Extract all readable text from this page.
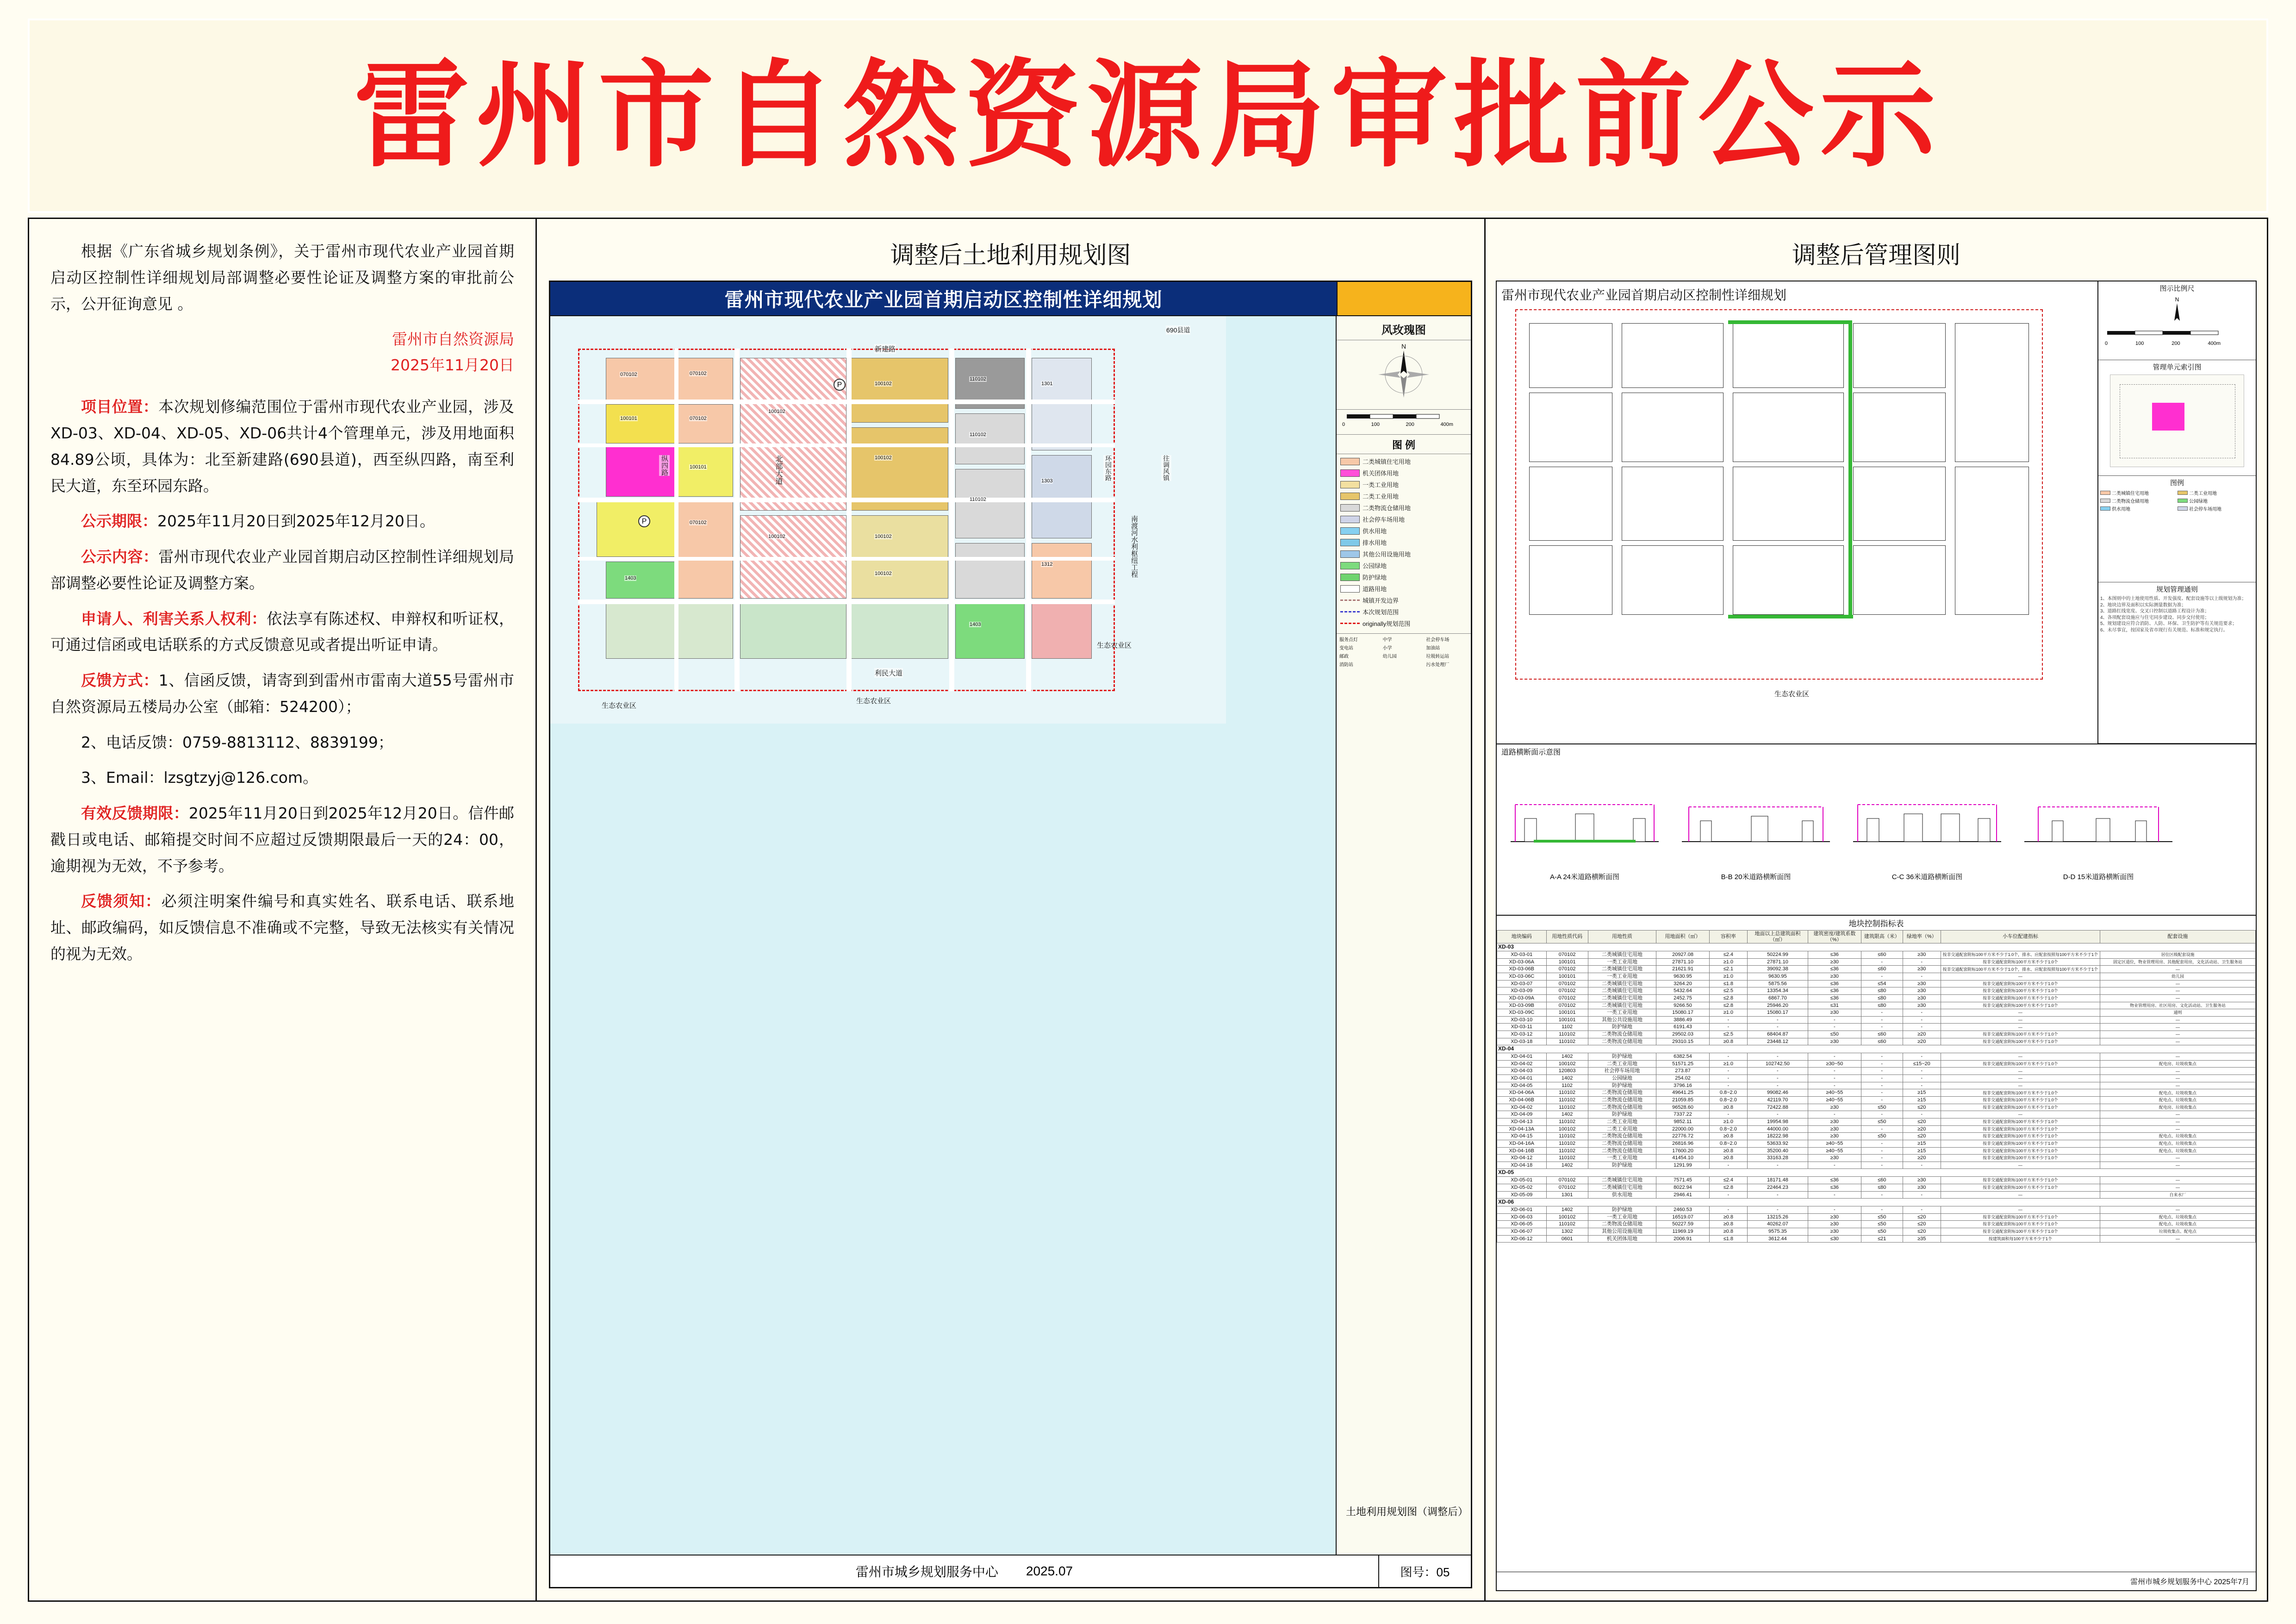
雷州市自然资源局审批前公示

根据《广东省城乡规划条例》，关于雷州市现代农业产业园首期启动区控制性详细规划局部调整必要性论证及调整方案的审批前公示，公开征询意见 。

雷州市自然资源局
2025年11月20日

项目位置：本次规划修编范围位于雷州市现代农业产业园，涉及XD-03、XD-04、XD-05、XD-06共计4个管理单元，涉及用地面积84.89公顷，具体为：北至新建路(690县道)，西至纵四路，南至利民大道，东至环园东路。

公示期限：2025年11月20日到2025年12月20日。

公示内容：雷州市现代农业产业园首期启动区控制性详细规划局部调整必要性论证及调整方案。

申请人、利害关系人权利：依法享有陈述权、申辩权和听证权，可通过信函或电话联系的方式反馈意见或者提出听证申请。

反馈方式：1、信函反馈，请寄到到雷州市雷南大道55号雷州市自然资源局五楼局办公室（邮箱：524200）；

2、电话反馈：0759-8813112、8839199；

3、Email：lzsgtzyj@126.com。

有效反馈期限：2025年11月20日到2025年12月20日。信件邮戳日或电话、邮箱提交时间不应超过反馈期限最后一天的24：00，逾期视为无效，不予参考。

反馈须知：必须注明案件编号和真实姓名、联系电话、联系地址、邮政编码，如反馈信息不准确或不完整，导致无法核实有关情况的视为无效。

调整后土地利用规划图
雷州市现代农业产业园首期启动区控制性详细规划
070102	070102
070102
070102
100101
100101
100102
100102
110102
110102
110102
100102
100102
100102
100102
1403
1403
1301
1303
1312
690县道
往调风镇
纵四路
新建路
利民大道
环园东路
南渡河水利枢纽工程
北部大道
生态农业区
生态农业区
生态农业区
P
P
风玫瑰图
N
0	100	200	400m
图 例
二类城镇住宅用地
机关团体用地
一类工业用地
二类工业用地
二类物流仓储用地
社会停车场用地
供水用地
排水用地
其他公用设施用地
公园绿地
防护绿地
道路用地
城镇开发边界
本次规划范围
originally规划范围
服务点灯	中学	社会停车场
变电站	小学	加油站
邮政	幼儿园	垃圾转运站
消防站	污水处理厂
土地利用规划图（调整后）
雷州市城乡规划服务中心 2025.07	图号：05
调整后管理图则
雷州市现代农业产业园首期启动区控制性详细规划
生态农业区
图示比例尺
N
0	100	200	400m
管理单元索引图
图例
二类城镇住宅用地	二类工业用地
二类物流仓储用地	公园绿地
供水用地	社会停车场用地
规划管理通则
1、本图则中的土地使用性质、开发强度、配套设施等以上级规划为准；
2、地块边界及面积以实际测量数据为准；
3、道路红线宽度、交叉口控制以道路工程设计为准；
4、各项配套设施应与住宅同步建设、同步交付使用；
5、规划建设应符合消防、人防、环保、卫生防护等有关规范要求；
6、未尽事宜，按国家及省市现行有关规范、标准和规定执行。
道路横断面示意图
A-A 24米道路横断面图	B-B 20米道路横断面图	C-C 36米道路横断面图	D-D 15米道路横断面图
地块控制指标表
地块编码	用地性质代码	用地性质	用地面积（㎡）	容积率	地面以上总建筑面积（㎡）	建筑密度/建筑系数（%）	建筑限高（米）	绿地率（%）	小车位配建指标	配套设施
XD-03										
XD-03-01	070102	二类城镇住宅用地	20927.08	≤2.4	50224.99	≤36	≤60	≥30	按非交通配套附标100平方米不少于1.0个，排水、应配套按照每100平方米不少于1个	居住区级配套设施
XD-03-06A	100101	一类工业用地	27871.10	≥1.0	27871.10	≥30	-	-	按非交通配套附标100平方米不少于1.0个	固定区道位，物业管理用房、其他配套用房，文化活动站、卫生服务站
XD-03-06B	070102	二类城镇住宅用地	21621.91	≤2.1	39092.38	≤36	≤60	≥30	按非交通配套附标100平方米不少于1.0个，排水、应配套按照每100平方米不少于1个	—
XD-03-06C	100101	一类工业用地	9630.95	≥1.0	9630.95	≥30	-	-	—	幼儿园
XD-03-07	070102	二类城镇住宅用地	3264.20	≤1.8	5875.56	≤36	≤54	≥30	按非交通配套附标100平方米不少于1.0个	—
XD-03-09	070102	二类城镇住宅用地	5432.64	≤2.5	13354.34	≤36	≤80	≥30	按非交通配套附标100平方米不少于1.0个	—
XD-03-09A	070102	二类城镇住宅用地	2452.75	≤2.8	6867.70	≤36	≤80	≥30	按非交通配套附标100平方米不少于1.0个	—
XD-03-09B	070102	二类城镇住宅用地	9266.50	≤2.8	25946.20	≤31	≤80	≥30	按非交通配套附标100平方米不少于1.0个	物业管理用房、社区用房、文化活动站、卫生服务站
XD-03-09C	100101	一类工业用地	15080.17	≥1.0	15080.17	≥30	-	-	—	通则
XD-03-10	100101	其他公共设施用地	3886.49	-	-	-	-	-	—	—
XD-03-11	1102	防护绿地	6191.43	-	-	-	-	-	—	—
XD-03-12	110102	二类物流仓储用地	29502.03	≤2.5	68404.87	≤50	≤60	≥20	按非交通配套附标100平方米不少于1.0个	—
XD-03-18	110102	二类物流仓储用地	29310.15	≥0.8	23448.12	≥30	≤60	≥20	按非交通配套附标100平方米不少于1.0个	—
XD-04										
XD-04-01	1402	防护绿地	6382.54	-	-	-	-	-	—	—
XD-04-02	100102	二类工业用地	51571.25	≥1.0	102742.50	≥30~50	-	≤15~20	按非交通配套附标100平方米不少于1.0个	配电房、垃圾收集点
XD-04-03	120803	社会停车场用地	273.87	-	-	-	-	-	—	—
XD-04-01	1402	公园绿地	254.02	-	-	-	-	-	—	—
XD-04-05	1102	防护绿地	3796.16	-	-	-	-	-	—	—
XD-04-06A	110102	二类物流仓储用地	49641.25	0.8~2.0	99082.46	≥40~55	-	≥15	按非交通配套附标100平方米不少于1.0个	配电点、垃圾收集点
XD-04-06B	110102	二类物流仓储用地	21059.85	0.8~2.0	42119.70	≥40~55	-	≥15	按非交通配套附标100平方米不少于1.0个	配电点、垃圾收集点
XD-04-02	110102	二类物流仓储用地	96528.60	≥0.8	72422.88	≥30	≤50	≤20	按非交通配套附标100平方米不少于1.0个	配电房、垃圾收集点
XD-04-09	1402	防护绿地	7337.22	-	-	-	-	-	—	—
XD-04-13	110102	二类工业用地	9852.11	≥1.0	19954.98	≥30	≤50	≤20	按非交通配套附标100平方米不少于1.0个	—
XD-04-13A	100102	二类工业用地	22000.00	0.8~2.0	44000.00	≥30	-	≥20	按非交通配套附标100平方米不少于1.0个	—
XD-04-15	110102	二类物流仓储用地	22776.72	≥0.8	18222.98	≥30	≤50	≤20	按非交通配套附标100平方米不少于1.0个	配电点、垃圾收集点
XD-04-16A	110102	二类物流仓储用地	26816.96	0.8~2.0	53633.92	≥40~55	-	≥15	按非交通配套附标100平方米不少于1.0个	配电点、垃圾收集点
XD-04-16B	110102	二类物流仓储用地	17600.20	≥0.8	35200.40	≥40~55	-	≥15	按非交通配套附标100平方米不少于1.0个	配电点、垃圾收集点
XD-04-12	110102	一类工业用地	41454.10	≥0.8	33163.28	≥30	-	≥20	按非交通配套附标100平方米不少于1.0个	—
XD-04-18	1402	防护绿地	1291.99	-	-	-	-	-	—	—
XD-05										
XD-05-01	070102	二类城镇住宅用地	7571.45	≤2.4	18171.48	≤36	≤60	≥30	按非交通配套附标100平方米不少于1.0个	—
XD-05-02	070102	二类城镇住宅用地	8022.94	≤2.8	22464.23	≤36	≤80	≥30	按非交通配套附标100平方米不少于1.0个	—
XD-05-09	1301	供水用地	2946.41	-	-	-	-	-	—	自来水厂
XD-06										
XD-06-01	1402	防护绿地	2460.53	-	-	-	-	-	—	—
XD-06-03	100102	一类工业用地	16519.07	≥0.8	13215.26	≥30	≤50	≤20	按非交通配套附标100平方米不少于1.0个	配电点、垃圾收集点
XD-06-05	110102	二类物流仓储用地	50227.59	≥0.8	40262.07	≥30	≤50	≤20	按非交通配套附标100平方米不少于1.0个	配电点、垃圾收集点
XD-06-07	1302	其他公用设施用地	11969.19	≥0.8	9575.35	≥30	≤50	≤20	按非交通配套附标100平方米不少于1.0个	垃圾收集点、配电点
XD-06-12	0601	机关团体用地	2006.91	≤1.8	3612.44	≤30	≤21	≥35	按建筑面积每100平方米不少于1个	—
雷州市城乡规划服务中心 2025年7月
